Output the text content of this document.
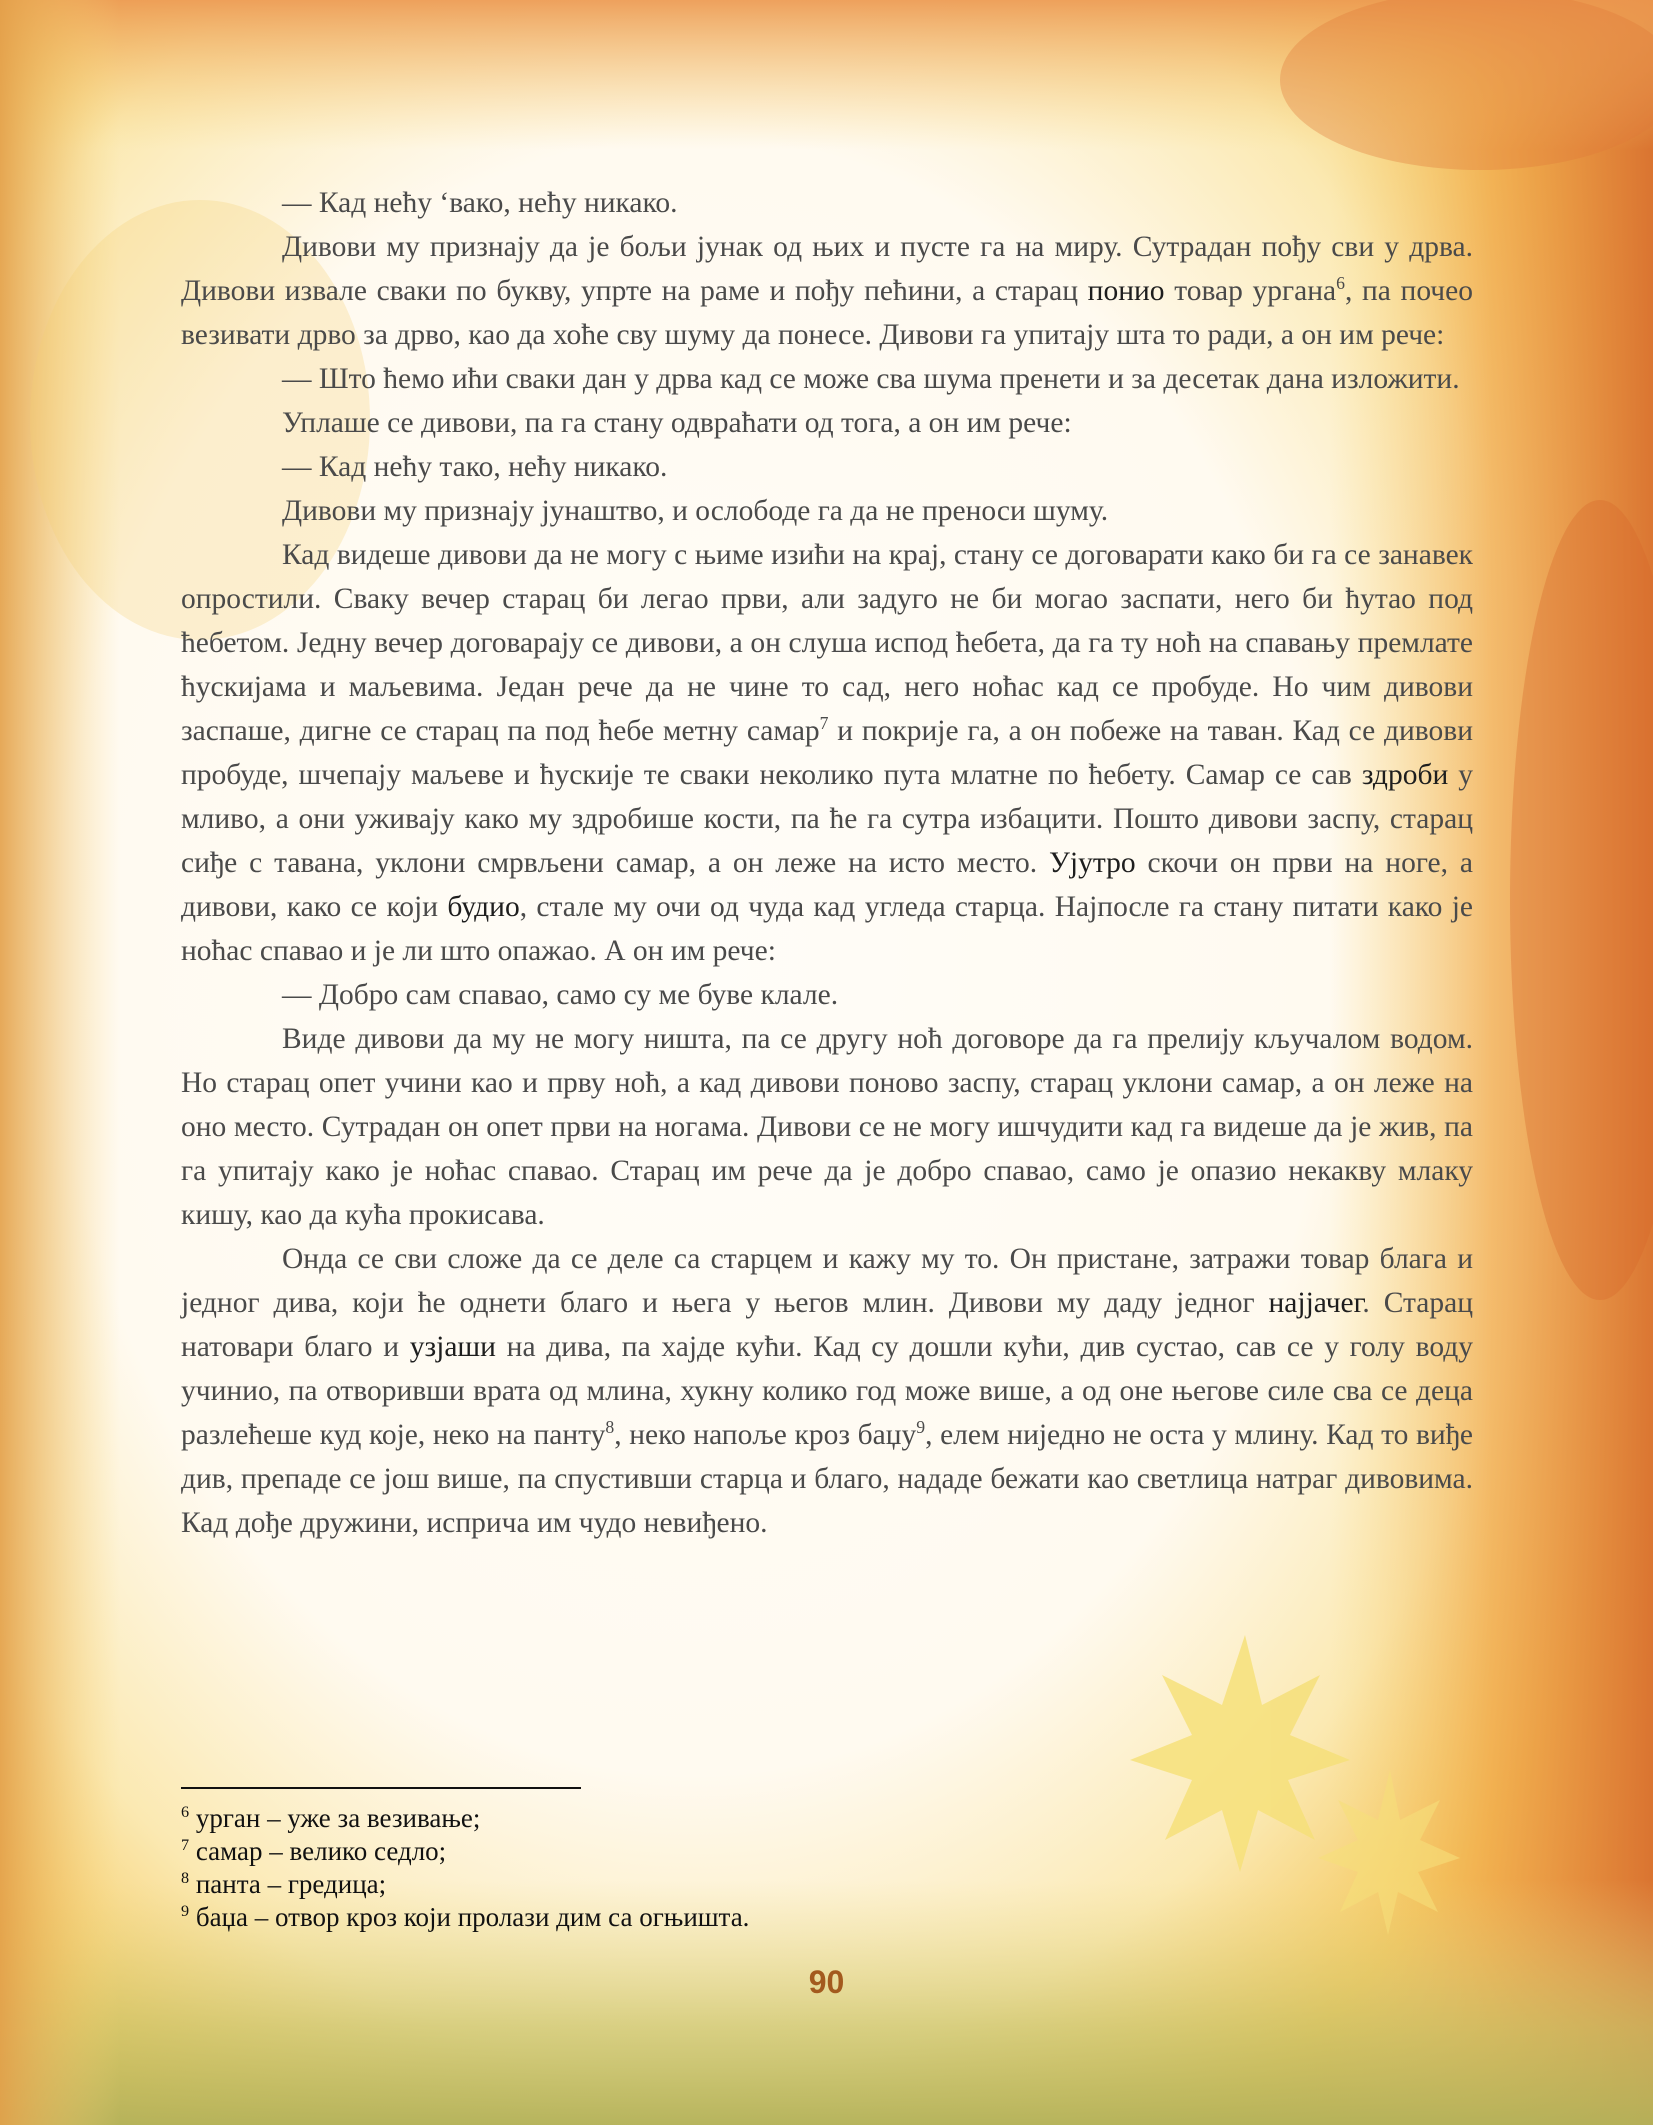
— Кад нећу ‘вако, нећу никако.

Дивови му признају да је бољи јунак од њих и пусте га на миру. Сутрадан пођу сви у дрва. Дивови извале сваки по букву, упрте на раме и пођу пећини, а старац понио товар ургана$^6$, па почео везивати дрво за дрво, као да хоће сву шуму да понесе. Дивови га упитају шта то ради, а он им рече:

— Што ћемо ићи сваки дан у дрва кад се може сва шума пренети и за десетак дана изложити.

Уплаше се дивови, па га стану одвраћати од тога, а он им рече:

— Кад нећу тако, нећу никако.

Дивови му признају јунаштво, и ослободе га да не преноси шуму.

Кад видеше дивови да не могу с њиме изићи на крај, стану се договарати како би га се занавек опростили. Сваку вечер старац би легао први, али задуго не би могао заспати, него би ћутао под ћебетом. Једну вечер договарају се дивови, а он слуша испод ћебета, да га ту ноћ на спавању премлате ћускијама и маљевима. Један рече да не чине то сад, него ноћас кад се пробуде. Но чим дивови заспаше, дигне се старац па под ћебе метну самар$^7$ и покрије га, а он побеже на таван. Кад се дивови пробуде, шчепају маљеве и ћускије те сваки неколико пута млатне по ћебету. Самар се сав здроби у мливо, а они уживају како му здробише кости, па ће га сутра избацити. Пошто дивови заспу, старац сиђе с тавана, уклони смрвљени самар, а он леже на исто место. Ујутро скочи он први на ноге, а дивови, како се који будио, стале му очи од чуда кад угледа старца. Најпосле га стану питати како је ноћас спавао и је ли што опажао. А он им рече:

— Добро сам спавао, само су ме буве клале.

Виде дивови да му не могу ништа, па се другу ноћ договоре да га прелију кључалом водом. Но старац опет учини као и прву ноћ, а кад дивови поново заспу, старац уклони самар, а он леже на оно место. Сутрадан он опет први на ногама. Дивови се не могу ишчудити кад га видеше да је жив, па га упитају како је ноћас спавао. Старац им рече да је добро спавао, само је опазио некакву млаку кишу, као да кућа прокисава.

Онда се сви сложе да се деле са старцем и кажу му то. Он пристане, затражи товар блага и једног дива, који ће однети благо и њега у његов млин. Дивови му даду једног најјачег. Старац натовари благо и узјаши на дива, па хајде кући. Кад су дошли кући, див сустао, сав се у голу воду учинио, па отворивши врата од млина, хукну колико год може више, а од оне његове силе сва се деца разлећеше куд које, неко на панту$^8$, неко напоље кроз баџу$^9$, елем ниједно не оста у млину. Кад то виђе див, препаде се још више, па спустивши старца и благо, нададе бежати као светлица натраг дивовима. Кад дође дружини, исприча им чудо невиђено.

$^6$ урган – уже за везивање;

$^7$ самар – велико седло;

$^8$ панта – гредица;

$^9$ баџа – отвор кроз који пролази дим са огњишта.

90
